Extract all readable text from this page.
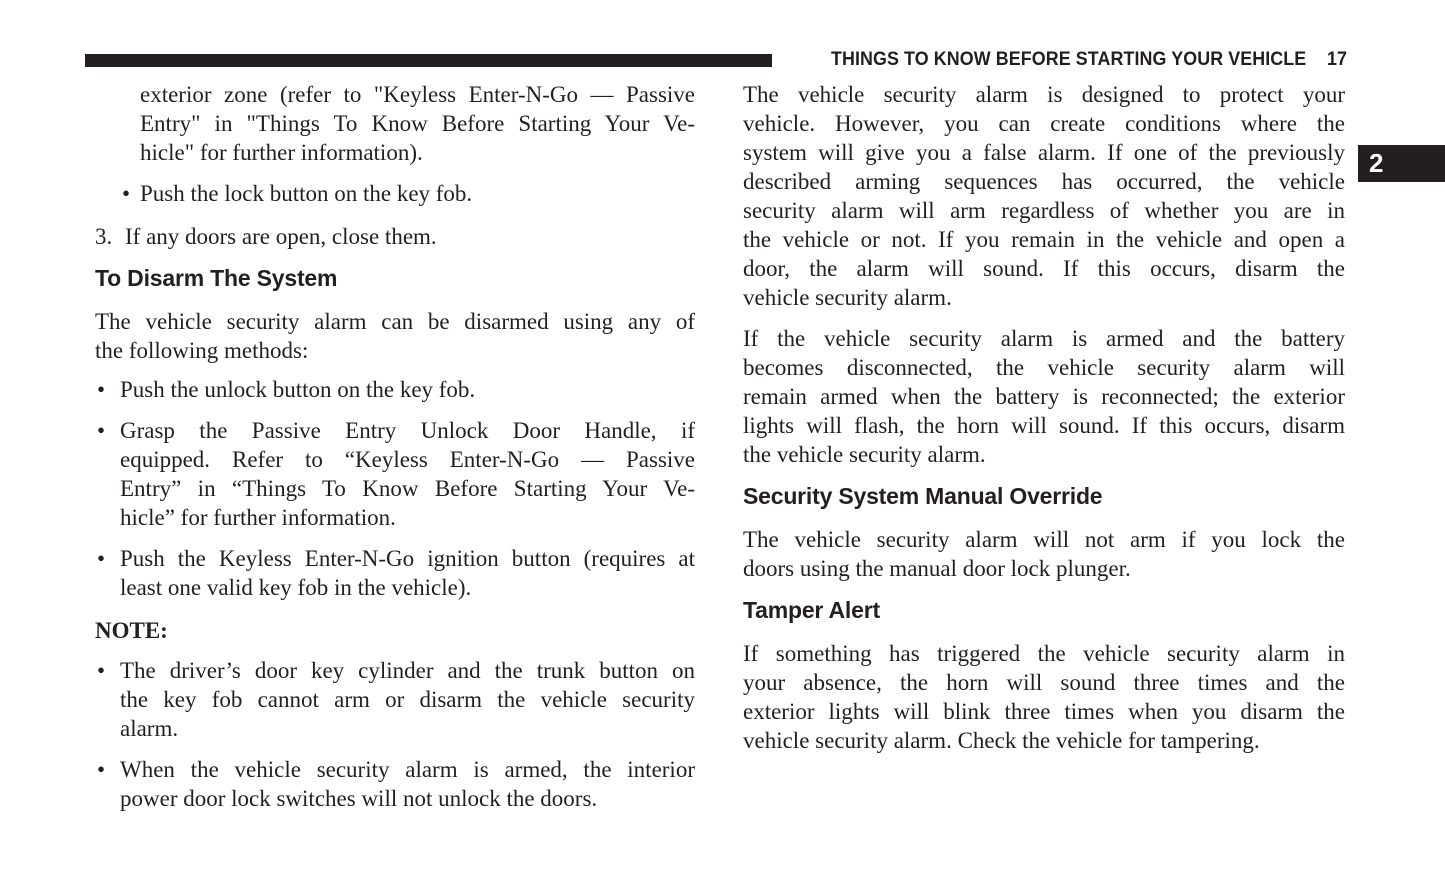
THINGS TO KNOW BEFORE STARTING YOUR VEHICLE 17
2
exterior zone (refer to "Keyless Enter-N-Go — Passive
Entry" in "Things To Know Before Starting Your Ve-
hicle" for further information).
• Push the lock button on the key fob.
3. If any doors are open, close them.
To Disarm The System
The vehicle security alarm can be disarmed using any of
the following methods:
• Push the unlock button on the key fob.
• Grasp the Passive Entry Unlock Door Handle, if
equipped. Refer to “Keyless Enter-N-Go — Passive
Entry” in “Things To Know Before Starting Your Ve-
hicle” for further information.
• Push the Keyless Enter-N-Go ignition button (requires at
least one valid key fob in the vehicle).
NOTE:
• The driver’s door key cylinder and the trunk button on
the key fob cannot arm or disarm the vehicle security
alarm.
• When the vehicle security alarm is armed, the interior
power door lock switches will not unlock the doors.
The vehicle security alarm is designed to protect your
vehicle. However, you can create conditions where the
system will give you a false alarm. If one of the previously
described arming sequences has occurred, the vehicle
security alarm will arm regardless of whether you are in
the vehicle or not. If you remain in the vehicle and open a
door, the alarm will sound. If this occurs, disarm the
vehicle security alarm.
If the vehicle security alarm is armed and the battery
becomes disconnected, the vehicle security alarm will
remain armed when the battery is reconnected; the exterior
lights will flash, the horn will sound. If this occurs, disarm
the vehicle security alarm.
Security System Manual Override
The vehicle security alarm will not arm if you lock the
doors using the manual door lock plunger.
Tamper Alert
If something has triggered the vehicle security alarm in
your absence, the horn will sound three times and the
exterior lights will blink three times when you disarm the
vehicle security alarm. Check the vehicle for tampering.
